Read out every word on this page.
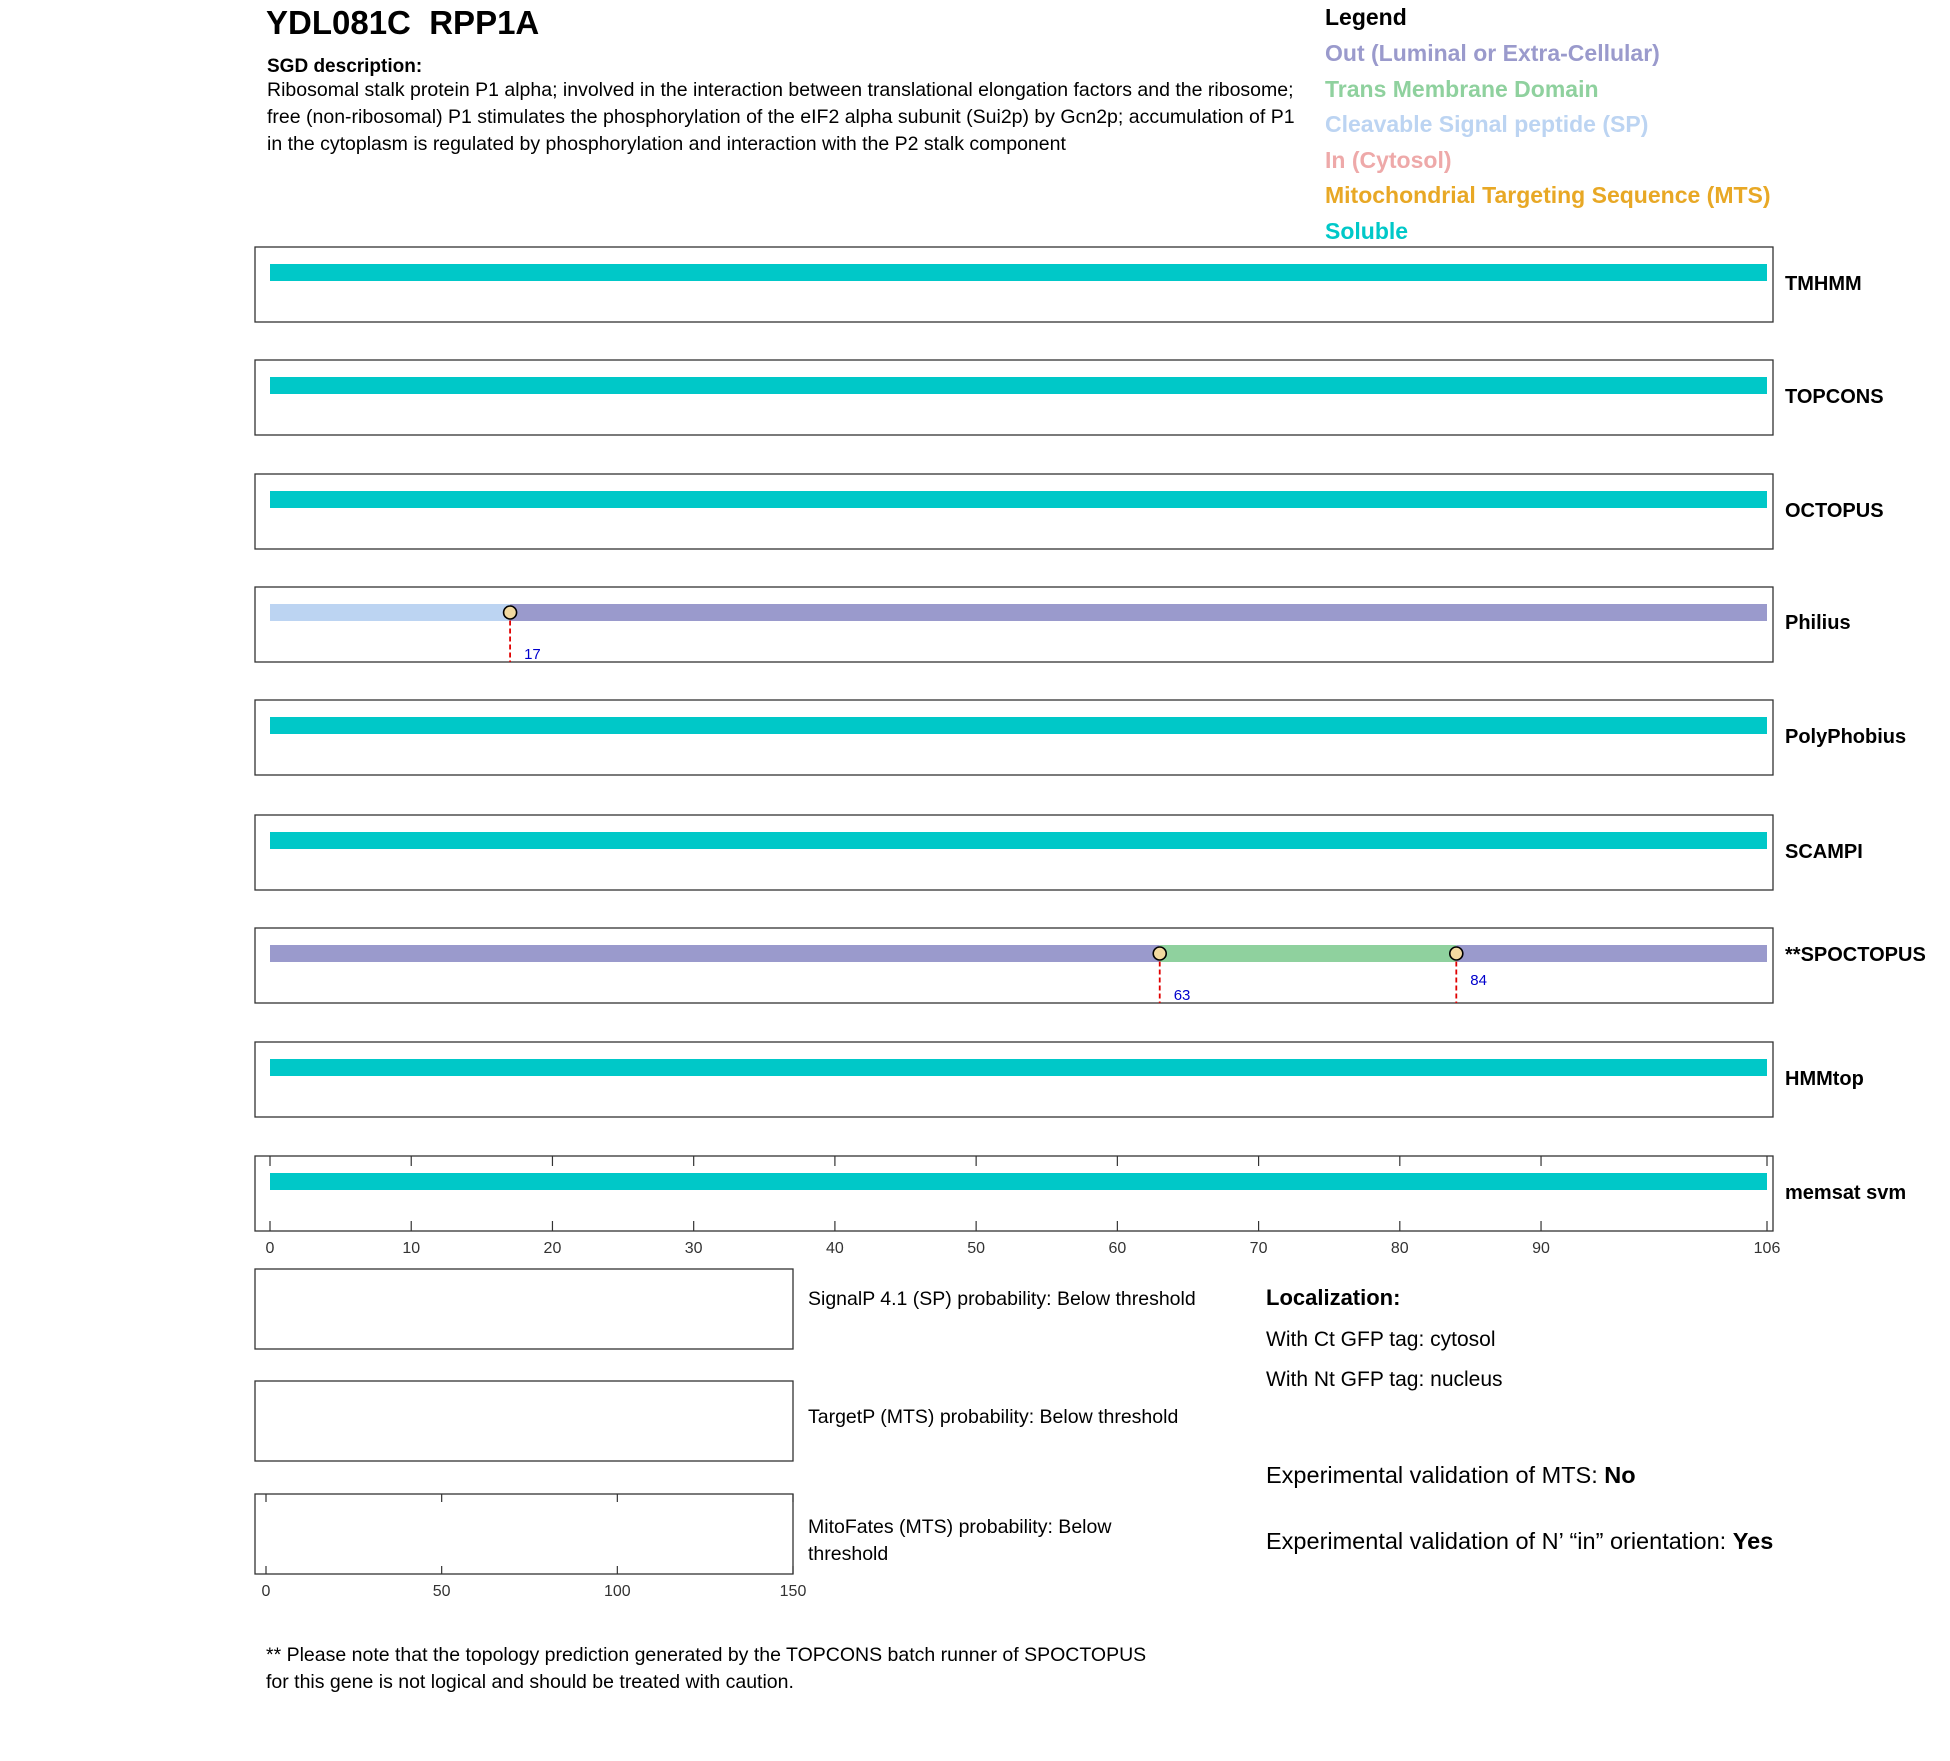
YDL081C  RPP1A
SGD description:
Ribosomal stalk protein P1 alpha; involved in the interaction between translational elongation factors and the ribosome; free (non-ribosomal) P1 stimulates the phosphorylation of the eIF2 alpha subunit (Sui2p) by Gcn2p; accumulation of P1 in the cytoplasm is regulated by phosphorylation and interaction with the P2 stalk component
Legend
Out (Luminal or Extra-Cellular)
Trans Membrane Domain
Cleavable Signal peptide (SP)
In (Cytosol)
Mitochondrial Targeting Sequence (MTS)
Soluble
TMHMM
TOPCONS
OCTOPUS
17
Philius
PolyPhobius
SCAMPI
63
84
**SPOCTOPUS
HMMtop
memsat svm
0	10	20	30	40	50	60	70	80	90	106
0	50	100	150
SignalP 4.1 (SP) probability: Below threshold
TargetP (MTS) probability: Below threshold
MitoFates (MTS) probability: Below threshold
Localization:
With Ct GFP tag: cytosol
With Nt GFP tag: nucleus
Experimental validation of MTS: No
Experimental validation of N’ “in” orientation: Yes
** Please note that the topology prediction generated by the TOPCONS batch runner of SPOCTOPUS for this gene is not logical and should be treated with caution.
